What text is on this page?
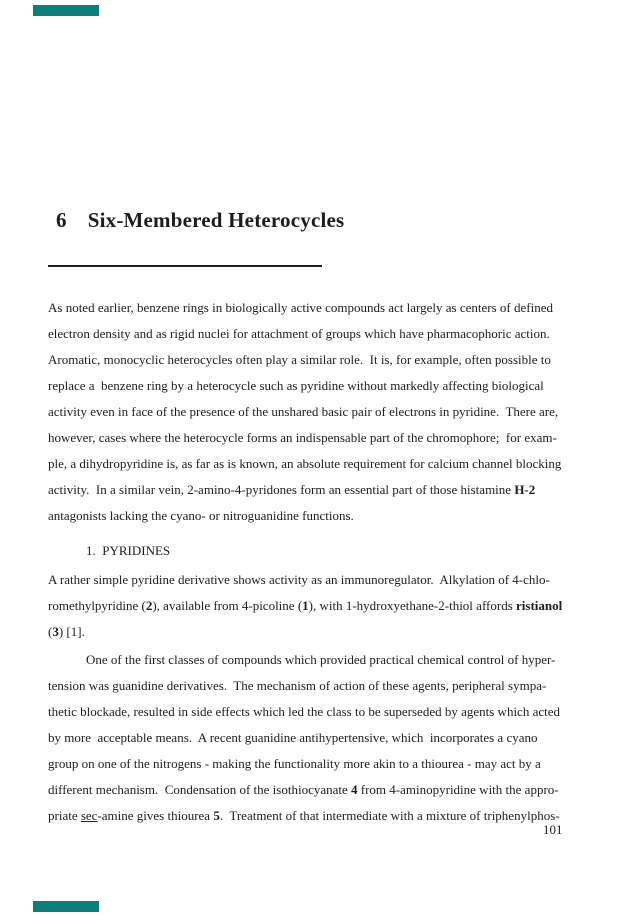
6 Six-Membered Heterocycles
As noted earlier, benzene rings in biologically active compounds act largely as centers of defined
electron density and as rigid nuclei for attachment of groups which have pharmacophoric action.
Aromatic, monocyclic heterocycles often play a similar role.  It is, for example, often possible to
replace a  benzene ring by a heterocycle such as pyridine without markedly affecting biological
activity even in face of the presence of the unshared basic pair of electrons in pyridine.  There are,
however, cases where the heterocycle forms an indispensable part of the chromophore;  for exam-
ple, a dihydropyridine is, as far as is known, an absolute requirement for calcium channel blocking
activity.  In a similar vein, 2-amino-4-pyridones form an essential part of those histamine H-2
antagonists lacking the cyano- or nitroguanidine functions.
1.  PYRIDINES
A rather simple pyridine derivative shows activity as an immunoregulator.  Alkylation of 4-chlo-
romethylpyridine (2), available from 4-picoline (1), with 1-hydroxyethane-2-thiol affords ristianol
(3) [1].
One of the first classes of compounds which provided practical chemical control of hyper-
tension was guanidine derivatives.  The mechanism of action of these agents, peripheral sympa-
thetic blockade, resulted in side effects which led the class to be superseded by agents which acted
by more  acceptable means.  A recent guanidine antihypertensive, which  incorporates a cyano
group on one of the nitrogens - making the functionality more akin to a thiourea - may act by a
different mechanism.  Condensation of the isothiocyanate 4 from 4-aminopyridine with the appro-
priate sec-amine gives thiourea 5.  Treatment of that intermediate with a mixture of triphenylphos-
101
